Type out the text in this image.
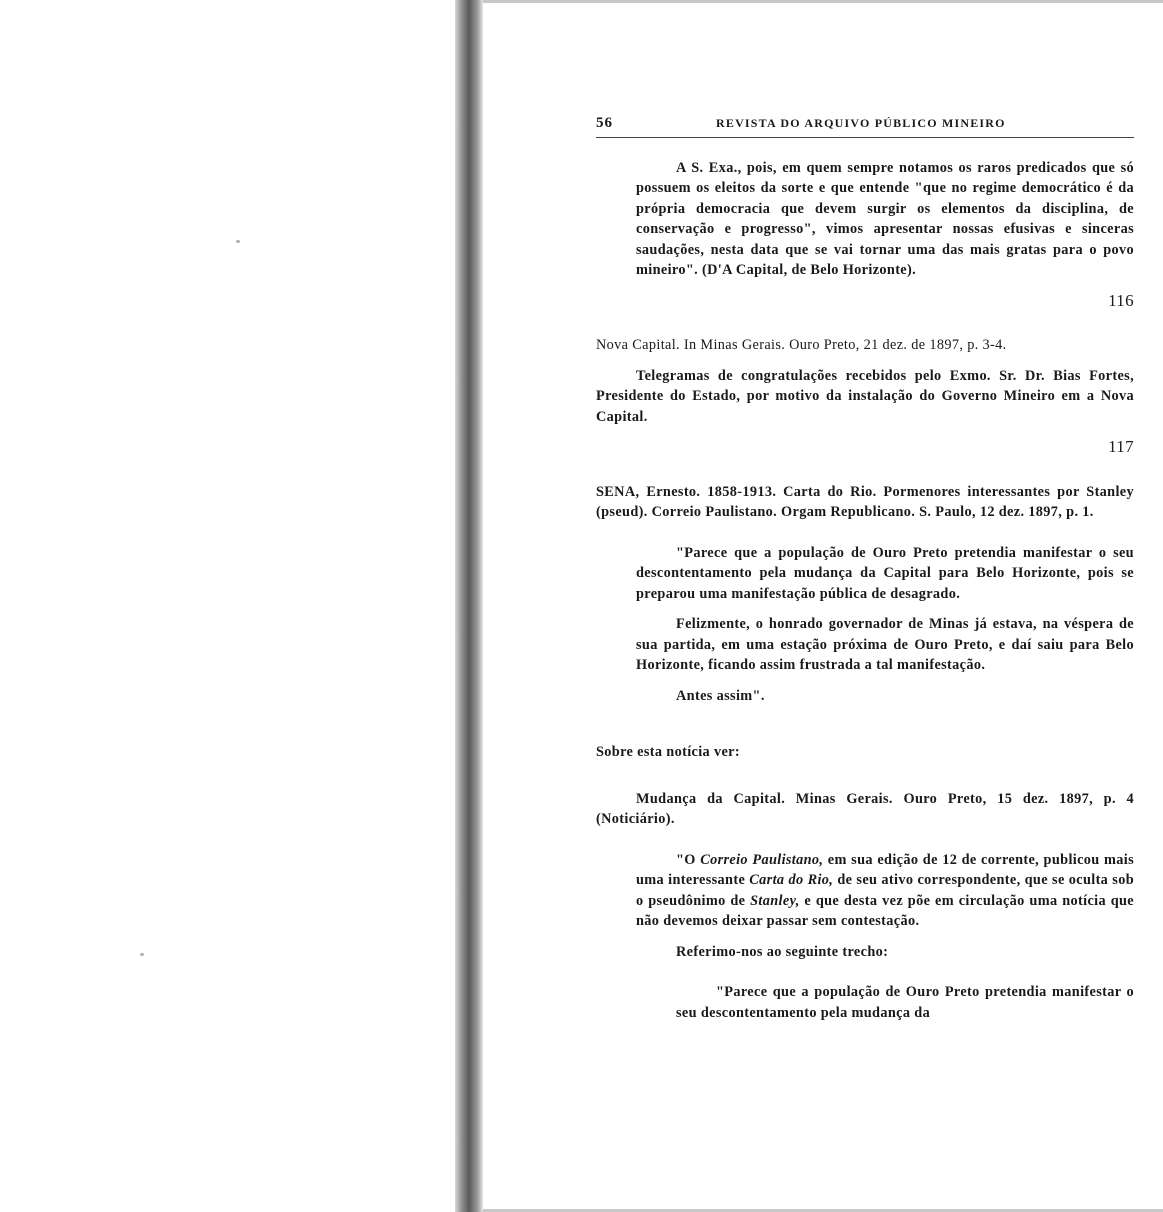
56	REVISTA DO ARQUIVO PÚBLICO MINEIRO

A S. Exa., pois, em quem sempre notamos os raros predicados que só possuem os eleitos da sorte e que entende "que no regime democrático é da própria democracia que devem surgir os elementos da disciplina, de conservação e progresso", vimos apresentar nossas efusivas e sinceras saudações, nesta data que se vai tornar uma das mais gratas para o povo mineiro". (D'A Capital, de Belo Horizonte).

116

Nova Capital. In Minas Gerais. Ouro Preto, 21 dez. de 1897, p. 3-4.

Telegramas de congratulações recebidos pelo Exmo. Sr. Dr. Bias Fortes, Presidente do Estado, por motivo da instalação do Governo Mineiro em a Nova Capital.

117

SENA, Ernesto. 1858-1913. Carta do Rio. Pormenores interessantes por Stanley (pseud). Correio Paulistano. Orgam Republicano. S. Paulo, 12 dez. 1897, p. 1.

"Parece que a população de Ouro Preto pretendia manifestar o seu descontentamento pela mudança da Capital para Belo Horizonte, pois se preparou uma manifestação pública de desagrado.

Felizmente, o honrado governador de Minas já estava, na véspera de sua partida, em uma estação próxima de Ouro Preto, e daí saiu para Belo Horizonte, ficando assim frustrada a tal manifestação.

Antes assim".

Sobre esta notícia ver:

Mudança da Capital. Minas Gerais. Ouro Preto, 15 dez. 1897, p. 4 (Noticiário).

"O Correio Paulistano, em sua edição de 12 de corrente, publicou mais uma interessante Carta do Rio, de seu ativo correspondente, que se oculta sob o pseudônimo de Stanley, e que desta vez põe em circulação uma notícia que não devemos deixar passar sem contestação.

Referimo-nos ao seguinte trecho:

"Parece que a população de Ouro Preto pretendia manifestar o seu descontentamento pela mudança da
